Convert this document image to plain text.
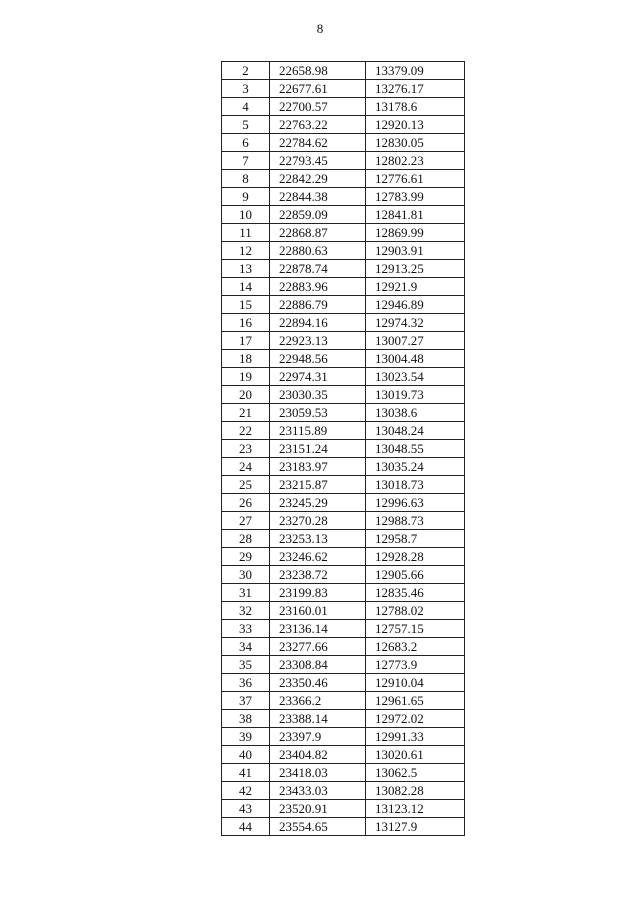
8
2	22658.98	13379.09
3	22677.61	13276.17
4	22700.57	13178.6
5	22763.22	12920.13
6	22784.62	12830.05
7	22793.45	12802.23
8	22842.29	12776.61
9	22844.38	12783.99
10	22859.09	12841.81
11	22868.87	12869.99
12	22880.63	12903.91
13	22878.74	12913.25
14	22883.96	12921.9
15	22886.79	12946.89
16	22894.16	12974.32
17	22923.13	13007.27
18	22948.56	13004.48
19	22974.31	13023.54
20	23030.35	13019.73
21	23059.53	13038.6
22	23115.89	13048.24
23	23151.24	13048.55
24	23183.97	13035.24
25	23215.87	13018.73
26	23245.29	12996.63
27	23270.28	12988.73
28	23253.13	12958.7
29	23246.62	12928.28
30	23238.72	12905.66
31	23199.83	12835.46
32	23160.01	12788.02
33	23136.14	12757.15
34	23277.66	12683.2
35	23308.84	12773.9
36	23350.46	12910.04
37	23366.2	12961.65
38	23388.14	12972.02
39	23397.9	12991.33
40	23404.82	13020.61
41	23418.03	13062.5
42	23433.03	13082.28
43	23520.91	13123.12
44	23554.65	13127.9
